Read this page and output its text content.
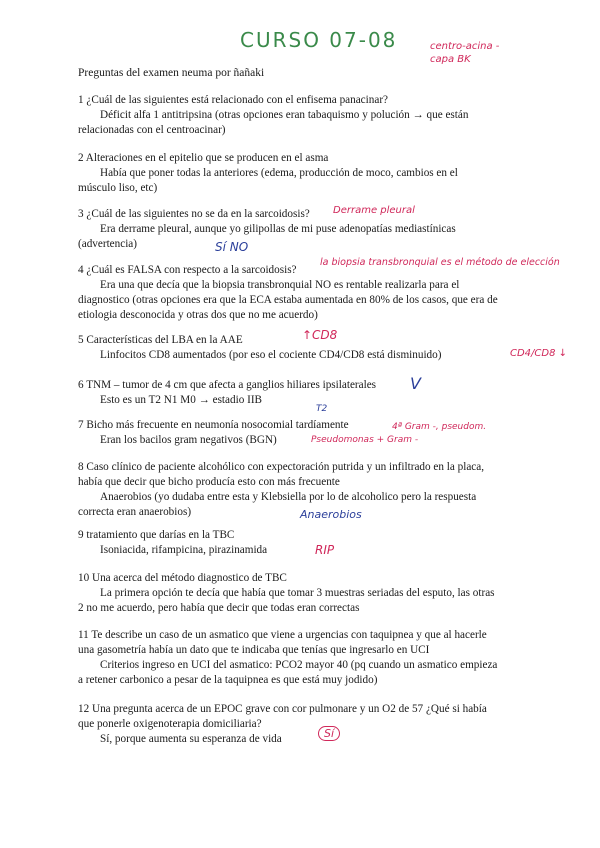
CURSO 07-08	centro-acina - capa BK
Preguntas del examen neuma por ñañaki
1 ¿Cuál de las siguientes está relacionado con el enfisema panacinar?
Déficit alfa 1 antitripsina (otras opciones eran tabaquismo y polución → que están relacionadas con el centroacinar)
2 Alteraciones en el epitelio que se producen en el asma
Había que poner todas la anteriores (edema, producción de moco, cambios en el músculo liso, etc)
3 ¿Cuál de las siguientes no se da en la sarcoidosis?
Era derrame pleural, aunque yo gilipollas de mi puse adenopatías mediastínicas (advertencia)
Derrame pleural
Sí NO
4 ¿Cuál es FALSA con respecto a la sarcoidosis?
Era una que decía que la biopsia transbronquial NO es rentable realizarla para el diagnostico (otras opciones era que la ECA estaba aumentada en 80% de los casos, que era de etiologia desconocida y otras dos que no me acuerdo)
la biopsia transbronquial es el método de elección
5 Características del LBA en la AAE
Linfocitos CD8 aumentados (por eso el cociente CD4/CD8 está disminuido)
↑CD8
CD4/CD8 ↓
6 TNM – tumor de 4 cm que afecta a ganglios hiliares ipsilaterales
Esto es un T2 N1 M0 → estadio IIB
V
T2
7 Bicho más frecuente en neumonía nosocomial tardíamente
Eran los bacilos gram negativos (BGN)	Pseudomonas + Gram -
4ª Gram -, pseudom.
8 Caso clínico de paciente alcohólico con expectoración putrida y un infiltrado en la placa, había que decir que bicho producía esto con más frecuente
Anaerobios (yo dudaba entre esta y Klebsiella por lo de alcoholico pero la respuesta correcta eran anaerobios)	Anaerobios
9 tratamiento que darías en la TBC
Isoniacida, rifampicina, pirazinamida	RIP
10 Una acerca del método diagnostico de TBC
La primera opción te decía que había que tomar 3 muestras seriadas del esputo, las otras 2 no me acuerdo, pero había que decir que todas eran correctas
11 Te describe un caso de un asmatico que viene a urgencias con taquipnea y que al hacerle una gasometría había un dato que te indicaba que tenías que ingresarlo en UCI
Criterios ingreso en UCI del asmatico: PCO2 mayor 40 (pq cuando un asmatico empieza a retener carbonico a pesar de la taquipnea es que está muy jodido)
12 Una pregunta acerca de un EPOC grave con cor pulmonare y un O2 de 57 ¿Qué si había que ponerle oxigenoterapia domiciliaria?
Sí, porque aumenta su esperanza de vida	Sí
